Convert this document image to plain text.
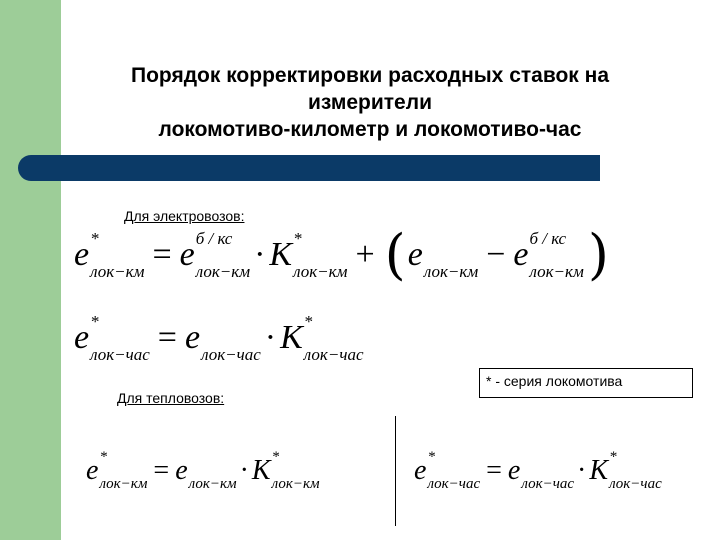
Порядок корректировки расходных ставок на
измерители
локомотиво-километр и локомотиво-час
Для электровозов:
e *
лок−км = e б / кс
лок−км · K *
лок−км + ( e
лок−км − e б / кс
лок−км )
e *
лок−час = e
лок−час · K *
лок−час
* - серия локомотива
Для тепловозов:
e *
лок−км = e
лок−км · K *
лок−км	e *
лок−час = e
лок−час · K *
лок−час
